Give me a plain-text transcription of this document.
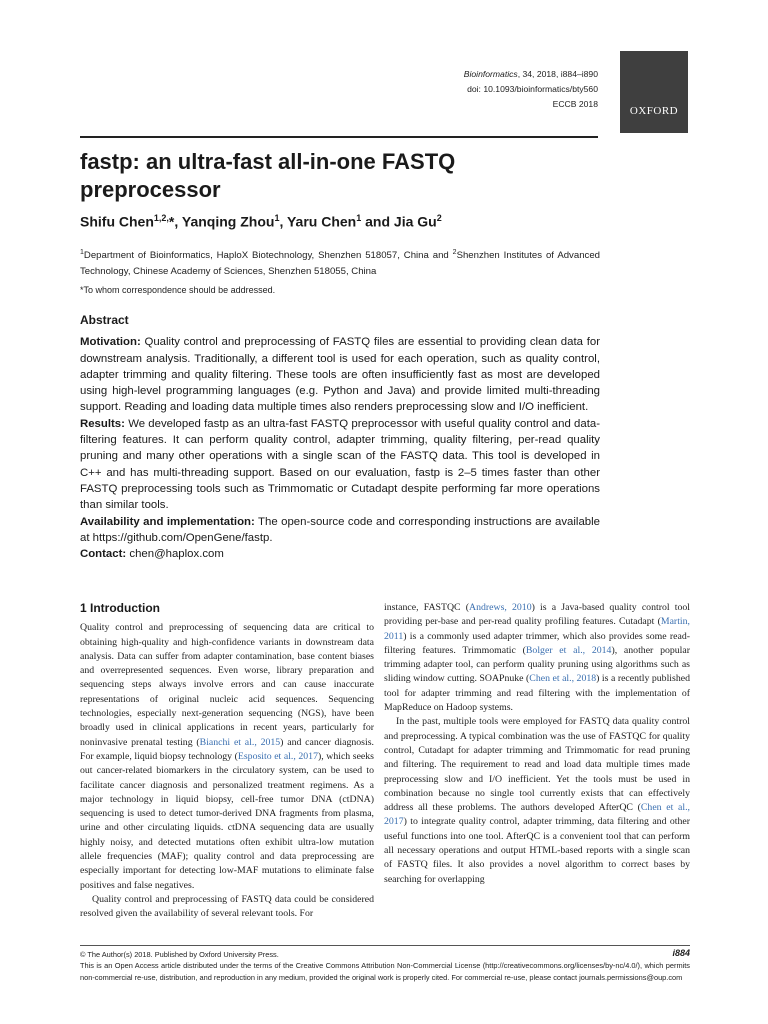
Bioinformatics, 34, 2018, i884–i890
doi: 10.1093/bioinformatics/bty560
ECCB 2018
OXFORD
fastp: an ultra-fast all-in-one FASTQ preprocessor
Shifu Chen$^{1,2,}$*, Yanqing Zhou$^1$, Yaru Chen$^1$ and Jia Gu$^2$
$^1$Department of Bioinformatics, HaploX Biotechnology, Shenzhen 518057, China and $^2$Shenzhen Institutes of Advanced Technology, Chinese Academy of Sciences, Shenzhen 518055, China
*To whom correspondence should be addressed.
Abstract

Motivation: Quality control and preprocessing of FASTQ files are essential to providing clean data for downstream analysis. Traditionally, a different tool is used for each operation, such as quality control, adapter trimming and quality filtering. These tools are often insufficiently fast as most are developed using high-level programming languages (e.g. Python and Java) and provide limited multi-threading support. Reading and loading data multiple times also renders preprocessing slow and I/O inefficient.

Results: We developed fastp as an ultra-fast FASTQ preprocessor with useful quality control and data-filtering features. It can perform quality control, adapter trimming, quality filtering, per-read quality pruning and many other operations with a single scan of the FASTQ data. This tool is developed in C++ and has multi-threading support. Based on our evaluation, fastp is 2–5 times faster than other FASTQ preprocessing tools such as Trimmomatic or Cutadapt despite performing far more operations than similar tools.

Availability and implementation: The open-source code and corresponding instructions are available at https://github.com/OpenGene/fastp.

Contact: chen@haplox.com

1 Introduction

Quality control and preprocessing of sequencing data are critical to obtaining high-quality and high-confidence variants in downstream data analysis. Data can suffer from adapter contamination, base content biases and overrepresented sequences. Even worse, library preparation and sequencing steps always involve errors and can cause inaccurate representations of original nucleic acid sequences. Sequencing technologies, especially next-generation sequencing (NGS), have been broadly used in clinical applications in recent years, particularly for noninvasive prenatal testing (Bianchi et al., 2015) and cancer diagnosis. For example, liquid biopsy technology (Esposito et al., 2017), which seeks out cancer-related biomarkers in the circulatory system, can be used to facilitate cancer diagnosis and personalized treatment regimens. As a major technology in liquid biopsy, cell-free tumor DNA (ctDNA) sequencing is used to detect tumor-derived DNA fragments from plasma, urine and other circulating liquids. ctDNA sequencing data are usually highly noisy, and detected mutations often exhibit ultra-low mutation allele frequencies (MAF); quality control and data preprocessing are especially important for detecting low-MAF mutations to eliminate false positives and false negatives.

Quality control and preprocessing of FASTQ data could be considered resolved given the availability of several relevant tools. For

instance, FASTQC (Andrews, 2010) is a Java-based quality control tool providing per-base and per-read quality profiling features. Cutadapt (Martin, 2011) is a commonly used adapter trimmer, which also provides some read-filtering features. Trimmomatic (Bolger et al., 2014), another popular trimming adapter tool, can perform quality pruning using algorithms such as sliding window cutting. SOAPnuke (Chen et al., 2018) is a recently published tool for adapter trimming and read filtering with the implementation of MapReduce on Hadoop systems.

In the past, multiple tools were employed for FASTQ data quality control and preprocessing. A typical combination was the use of FASTQC for quality control, Cutadapt for adapter trimming and Trimmomatic for read pruning and filtering. The requirement to read and load data multiple times made preprocessing slow and I/O inefficient. Yet the tools must be used in combination because no single tool currently exists that can effectively address all these problems. The authors developed AfterQC (Chen et al., 2017) to integrate quality control, adapter trimming, data filtering and other useful functions into one tool. AfterQC is a convenient tool that can perform all necessary operations and output HTML-based reports with a single scan of FASTQ files. It also provides a novel algorithm to correct bases by searching for overlapping

© The Author(s) 2018. Published by Oxford University Press.

This is an Open Access article distributed under the terms of the Creative Commons Attribution Non-Commercial License (http://creativecommons.org/licenses/by-nc/4.0/), which permits non-commercial re-use, distribution, and reproduction in any medium, provided the original work is properly cited. For commercial re-use, please contact journals.permissions@oup.com

i884
